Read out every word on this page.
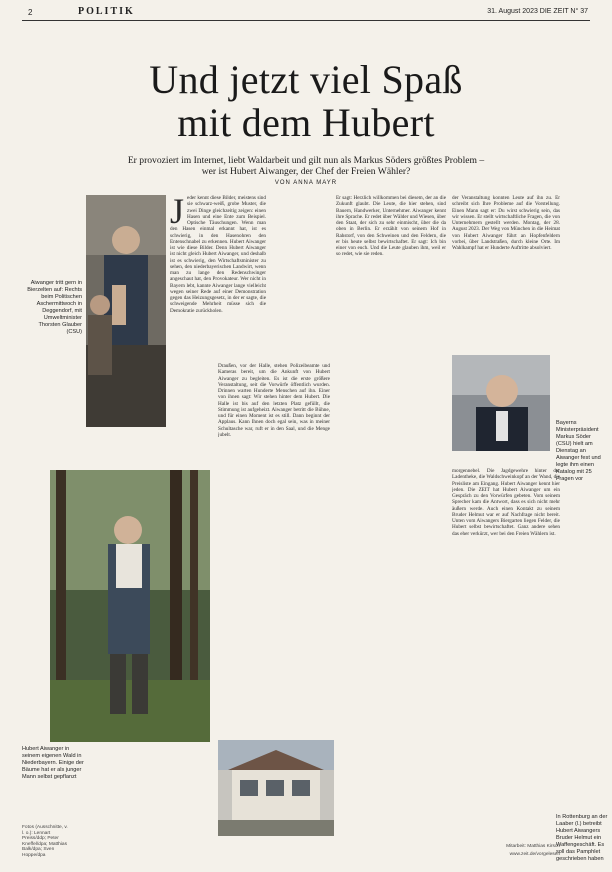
2	POLITIK	31. August 2023 DIE ZEIT N° 37
Und jetzt viel Spaß
mit dem Hubert

Er provoziert im Internet, liebt Waldarbeit und gilt nun als Markus Söders größtes Problem –
wer ist Hubert Aiwanger, der Chef der Freien Wähler?

VON ANNA MAYR
Jeder kennt diese Bilder, meistens sind sie schwarz-weiß, grobe Muster, die zwei Dinge gleichzeitig zeigen: einen Hasen und eine Ente zum Beispiel. Optische Täuschungen. Wenn man den Hasen einmal erkannt hat, ist es schwierig, in den Hasenohren den Entenschnabel zu erkennen. Hubert Aiwanger ist wie diese Bilder. Denn Hubert Aiwanger ist nicht gleich Hubert Aiwanger, und deshalb ist es schwierig, den Wirtschaftsminister zu sehen, den niederbayerischen Landwirt, wenn man zu lange den Redenschwinger angeschaut hat, den Provokateur. Wer nicht in Bayern lebt, kannte Aiwanger lange vielleicht wegen seiner Rede auf einer Demonstration gegen das Heizungsgesetz, in der er sagte, die schweigende Mehrheit müsse sich die Demokratie zurückholen.
Draußen, vor der Halle, stehen Polizeibeamte und Kameras bereit, um die Ankunft von Hubert Aiwanger zu begleiten. Es ist die erste größere Veranstaltung, seit die Vorwürfe öffentlich wurden. Drinnen warten Hunderte Menschen auf ihn. Einer von ihnen sagt: Wir stehen hinter dem Hubert. Die Halle ist bis auf den letzten Platz gefüllt, die Stimmung ist aufgeheizt. Aiwanger betritt die Bühne, und für einen Moment ist es still. Dann beginnt der Applaus. Kann Ihnen doch egal sein, was in meiner Schultasche war, ruft er in den Saal, und die Menge jubelt.
Er sagt: Herzlich willkommen bei diesem, der an die Zukunft glaubt. Die Leute, die hier stehen, sind Bauern, Handwerker, Unternehmer. Aiwanger kennt ihre Sprache. Er redet über Wälder und Wiesen, über den Staat, der sich zu sehr einmischt, über die da oben in Berlin. Er erzählt von seinem Hof in Rahstorf, von den Schweinen und den Feldern, die er bis heute selbst bewirtschaftet. Er sagt: Ich bin einer von euch. Und die Leute glauben ihm, weil er so redet, wie sie reden.
der Veranstaltung konnten Leute auf ihn zu. Er schreibt sich Ihre Probleme auf die Vorstellung. Einen Mann sagt er: Du wirst schwierig sein, das wir wissen. Er stellt wirtschaftliche Fragen, die von Unternehmern gestellt werden. Montag, der 28. August 2023. Der Weg von München in die Heimat von Hubert Aiwanger führt an Hopfenfeldern vorbei, über Landstraßen, durch kleine Orte. Im Wahlkampf hat er Hunderte Auftritte absolviert.
morgennebel. Die Jagdgewehre hinter der Ladentheke, die Waldschweinkopf an der Wand, die Preisliste am Eingang. Hubert Aiwanger kennt hier jeden. Die ZEIT hat Hubert Aiwanger um ein Gespräch zu den Vorwürfen gebeten. Vom seinem Sprecher kam die Antwort, dass es sich nicht mehr äußern werde. Auch einen Kontakt zu seinem Bruder Helmut war er auf Nachfrage nicht bereit. Unten vom Aiwangers Biergarten liegen Felder, die Hubert selbst bewirtschaftet. Ganz andere sehen das eher verkürzt, wer bei den Freien Wählern ist.

Aiwanger tritt gern in Bierzelten auf: Rechts beim Politischen Aschermittwoch in Deggendorf, mit Umweltminister Thorsten Glauber (CSU)

Hubert Aiwanger in seinem eigenen Wald in Niederbayern. Einige der Bäume hat er als junger Mann selbst gepflanzt

Bayerns Ministerpräsident Markus Söder (CSU) hielt am Dienstag an Aiwanger fest und legte ihm einen Katalog mit 25 Fragen vor

In Rottenburg an der Laaber (l.) betreibt Hubert Aiwangers Bruder Helmut ein Waffengeschäft. Es soll das Pamphlet geschrieben haben

Fotos (Ausschnitte, v. l. o.): Lennart Preiss/ddp; Peter Kneffel/dpa; Matthias Balk/dpa; Sven Hoppe/dpa

Mitarbeit: Matthias Kirsch
www.zeit.de/vorgelesen
